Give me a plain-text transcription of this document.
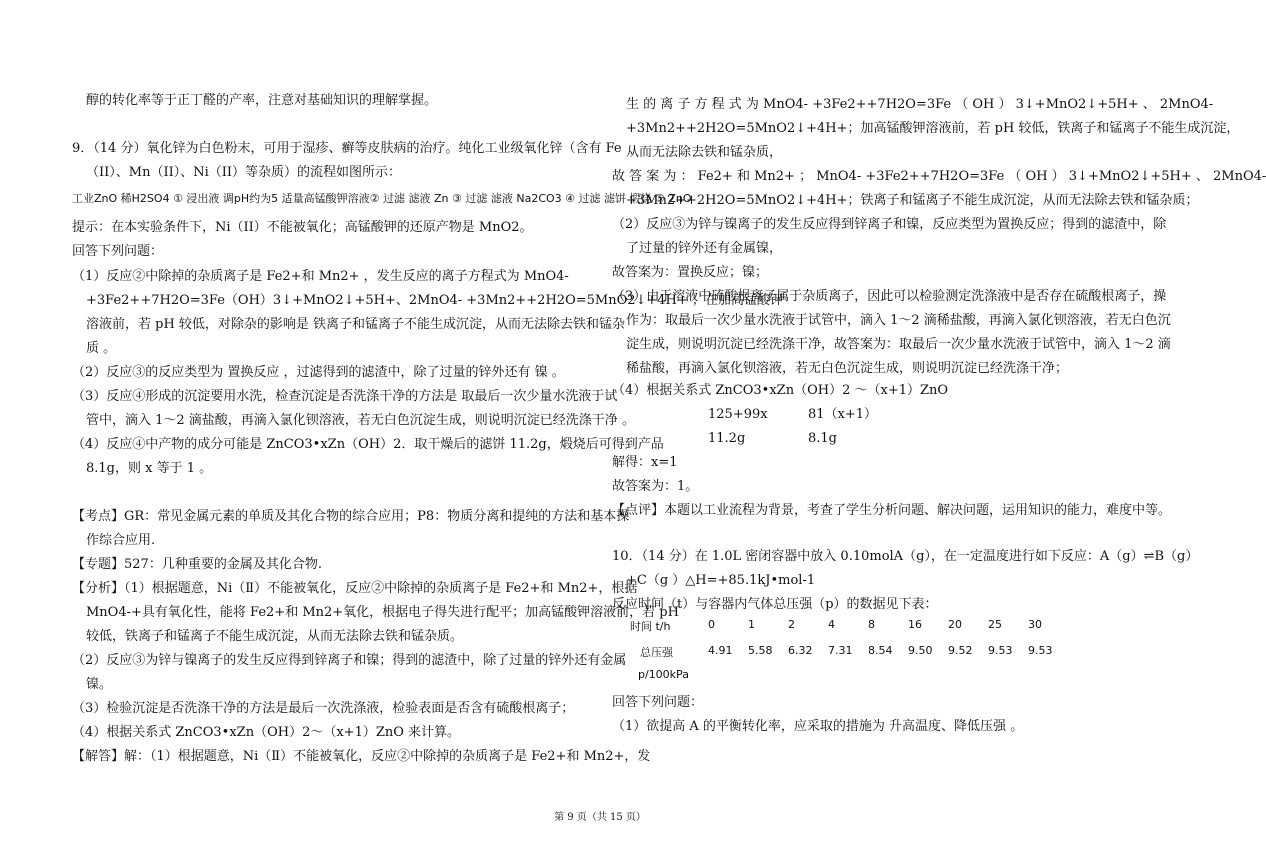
醇的转化率等于正丁醛的产率，注意对基础知识的理解掌握。
9．（14 分）氧化锌为白色粉末，可用于湿疹、癣等皮肤病的治疗。纯化工业级氧化锌（含有 Fe
（II）、Mn（II）、Ni（II）等杂质）的流程如图所示：
工业ZnO 稀H2SO4 ① 浸出液 调pH约为5 适量高锰酸钾溶液② 过滤 滤液 Zn ③ 过滤 滤液 Na2CO3 ④ 过滤 滤饼 煅烧 ⑤ ZnO
提示：在本实验条件下，Ni（II）不能被氧化；高锰酸钾的还原产物是 MnO2。
回答下列问题：
（1）反应②中除掉的杂质离子是 Fe2+和 Mn2+ ，发生反应的离子方程式为 MnO4-
+3Fe2++7H2O=3Fe（OH）3↓+MnO2↓+5H+、2MnO4- +3Mn2++2H2O=5MnO2↓+4H+ ；在加高锰酸钾
溶液前，若 pH 较低，对除杂的影响是 铁离子和锰离子不能生成沉淀，从而无法除去铁和锰杂
质 。
（2）反应③的反应类型为 置换反应 ，过滤得到的滤渣中，除了过量的锌外还有 镍 。
（3）反应④形成的沉淀要用水洗，检查沉淀是否洗涤干净的方法是 取最后一次少量水洗液于试
管中，滴入 1～2 滴盐酸，再滴入氯化钡溶液，若无白色沉淀生成，则说明沉淀已经洗涤干净 。
（4）反应④中产物的成分可能是 ZnCO3•xZn（OH）2．取干燥后的滤饼 11.2g，煅烧后可得到产品
8.1g，则 x 等于 1 。
【考点】GR：常见金属元素的单质及其化合物的综合应用；P8：物质分离和提纯的方法和基本操
作综合应用.
【专题】527：几种重要的金属及其化合物.
【分析】（1）根据题意，Ni（Ⅱ）不能被氧化，反应②中除掉的杂质离子是 Fe2+和 Mn2+，根据
MnO4-+具有氧化性，能将 Fe2+和 Mn2+氧化，根据电子得失进行配平；加高锰酸钾溶液前，若 pH
较低，铁离子和锰离子不能生成沉淀，从而无法除去铁和锰杂质。
（2）反应③为锌与镍离子的发生反应得到锌离子和镍；得到的滤渣中，除了过量的锌外还有金属
镍。
（3）检验沉淀是否洗涤干净的方法是最后一次洗涤液，检验表面是否含有硫酸根离子；
（4）根据关系式 ZnCO3•xZn（OH）2～（x+1）ZnO 来计算。
【解答】解：（1）根据题意，Ni（Ⅱ）不能被氧化，反应②中除掉的杂质离子是 Fe2+和 Mn2+，发
生 的 离 子 方 程 式 为 MnO4- +3Fe2++7H2O=3Fe （ OH ） 3↓+MnO2↓+5H+ 、 2MnO4-
+3Mn2++2H2O=5MnO2↓+4H+；加高锰酸钾溶液前，若 pH 较低，铁离子和锰离子不能生成沉淀，
从而无法除去铁和锰杂质，
故 答 案 为 ： Fe2+ 和 Mn2+ ； MnO4- +3Fe2++7H2O=3Fe （ OH ） 3↓+MnO2↓+5H+ 、 2MnO4-
+3Mn2++2H2O=5MnO2↓+4H+；铁离子和锰离子不能生成沉淀，从而无法除去铁和锰杂质；
（2）反应③为锌与镍离子的发生反应得到锌离子和镍，反应类型为置换反应；得到的滤渣中，除
了过量的锌外还有金属镍，
故答案为：置换反应；镍；
（3）由于溶液中硫酸根离子属于杂质离子，因此可以检验测定洗涤液中是否存在硫酸根离子，操
作为：取最后一次少量水洗液于试管中，滴入 1～2 滴稀盐酸，再滴入氯化钡溶液，若无白色沉
淀生成，则说明沉淀已经洗涤干净，故答案为：取最后一次少量水洗液于试管中，滴入 1～2 滴
稀盐酸，再滴入氯化钡溶液，若无白色沉淀生成，则说明沉淀已经洗涤干净；
（4）根据关系式 ZnCO3•xZn（OH）2 ～（x+1）ZnO
125+99x	81（x+1）
11.2g	8.1g
解得：x=1
故答案为：1。
【点评】本题以工业流程为背景，考查了学生分析问题、解决问题，运用知识的能力，难度中等。
10．（14 分）在 1.0L 密闭容器中放入 0.10molA（g），在一定温度进行如下反应：A（g）⇌B（g）
+C（g ）△H=+85.1kJ•mol-1
反应时间（t）与容器内气体总压强（p）的数据见下表：
时间 t/h	0	1	2	4	8	16 20 25 30
总压强	4.91 5.58 6.32 7.31 8.54 9.50 9.52 9.53 9.53
p/100kPa
回答下列问题：
（1）欲提高 A 的平衡转化率，应采取的措施为 升高温度、降低压强 。
第 9 页（共 15 页）
